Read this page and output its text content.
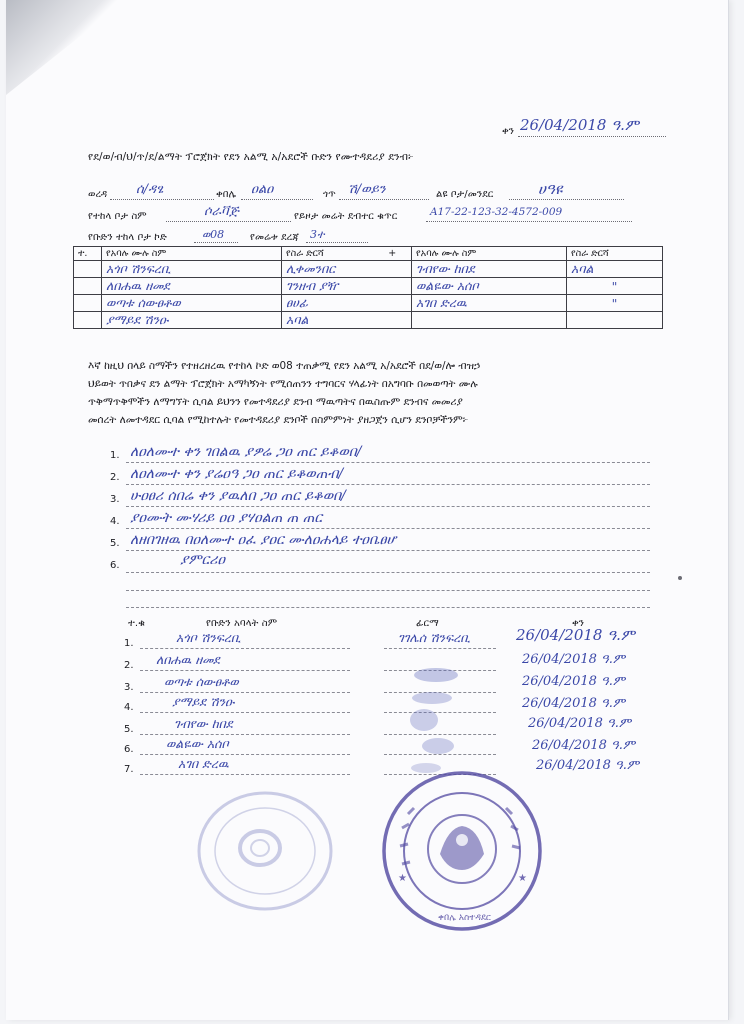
ቀን 26/04/2018 ዓ.ም
የደ/ወ/ብ/ህ/ጥ/ደ/ልማት ፕሮጀክት የደን አልሚ አ/አደሮች ቡድን የሙተዳደሪያ ደንብ፦
ወረዳ ሰ/ዳፄ	ቀበሌ ዐልዐ	ጎጥ ሽ/ወይን	ልዩ ቦታ/መንደር	ሀዓዩ
የተከላ ቦታ ስም	ሶራቫጅ	የይዞታ መሬት ደብተር ቁጥር	A17-22-123-32-4572-009
የቡድን ተከላ ቦታ ኮድ	ወ08	የመሬቱ ደረጃ 3ተ
ተ.	የአባሉ ሙሉ ስም	የስራ ድርሻ	+	የአባሉ ሙሉ ስም	የስራ ድርሻ
	አጎቦ ሽንፍረቢ	ሊቀመንበር		ገብየው ከበደ	አባል
	ለበሐዉ ዘመደ	ገንዘብ ያዥ		ወልዬው አሰቦ	"
	ወጣቱ ሰውፀቶወ	ፀሀፊ		አገበ ድረዉ	"
	ያማይደ ሽንዑ	አባል			
እኛ ከዚህ በላይ ስማችን የተዘረዘረዉ የተከላ ኮድ ወ08 ተጠቃሚ የደን አልሚ አ/አደሮች በደ/ወ/ሎ ብዝኃ
ህይወት ጥበቃና ደን ልማት ፕሮጀክት አማካኝነት የሚሰጠንን ተግባርና ሃላፊነት በአግባቡ በመወጣት ሙሉ
ጥቅማጥቅሞችን ለማግኘት ሲባል ይህንን የመተዳደሪያ ደንብ ማዉጣትና በዉስጡም ደንብና መመሪያ
መሰረት ለመተዳደር ሲባል የሚከተሉት የመተዳደሪያ ደንቦች በስምምነት ያዘጋጀን ሲሆን ደንቦቻችንም፦
1. ለዐለሙተ ቀን ገበልዉ ያዎሬ ጋዐ ጠር ይቆወበ/
2. ለዐለሙተ ቀን ያሬዐዓ ጋዐ ጠር ይቆወጠብ/
3. ሁዐፀሪ ሰበሬ ቀን ያዉለበ ጋዐ ጠር ይቆወበ/
4. ያዐሙት ሙሃሪይ ዐዐ ያሃዐልጠ ጠ ጠር
5. ለዘበገዘዉ በዐለሙተ ዐፈ ያዐር ሙለዐሐላይ ተዐቤፀሆ
6.	ያምርሪዐ
ተ.ቁ	የቡድን አባላት ስም	ፊርማ	ቀን
1.	አጎቦ ሽንፍረቢ	ገገሌሰ ሽንፍረቢ	26/04/2018 ዓ.ም
2. ለበሐዉ ዘመደ	26/04/2018 ዓ.ም
3. ወጣቱ ሰውፀቶወ	26/04/2018 ዓ.ም
4.	ያማይደ ሽንዑ	26/04/2018 ዓ.ም
5.	ገብየው ከበደ	26/04/2018 ዓ.ም
6.	ወልዬው አሰቦ	26/04/2018 ዓ.ም
7.	አገበ ድረዉ	26/04/2018 ዓ.ም
ቀበሌ አስተዳደር
★
★
